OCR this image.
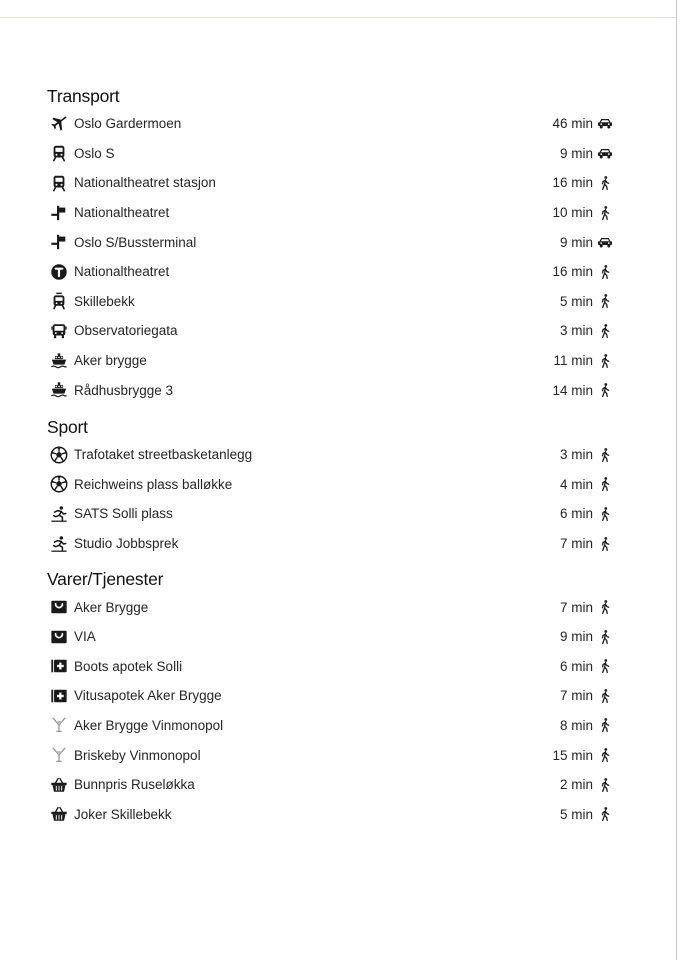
Transport
Oslo Gardermoen	46 min
Oslo S	9 min
Nationaltheatret stasjon	16 min
Nationaltheatret	10 min
Oslo S/Bussterminal	9 min
Nationaltheatret	16 min
Skillebekk	5 min
Observatoriegata	3 min
Aker brygge	11 min
Rådhusbrygge 3	14 min
Sport
Trafotaket streetbasketanlegg	3 min
Reichweins plass balløkke	4 min
SATS Solli plass	6 min
Studio Jobbsprek	7 min
Varer/Tjenester
Aker Brygge	7 min
VIA	9 min
Boots apotek Solli	6 min
Vitusapotek Aker Brygge	7 min
Aker Brygge Vinmonopol	8 min
Briskeby Vinmonopol	15 min
Bunnpris Ruseløkka	2 min
Joker Skillebekk	5 min
